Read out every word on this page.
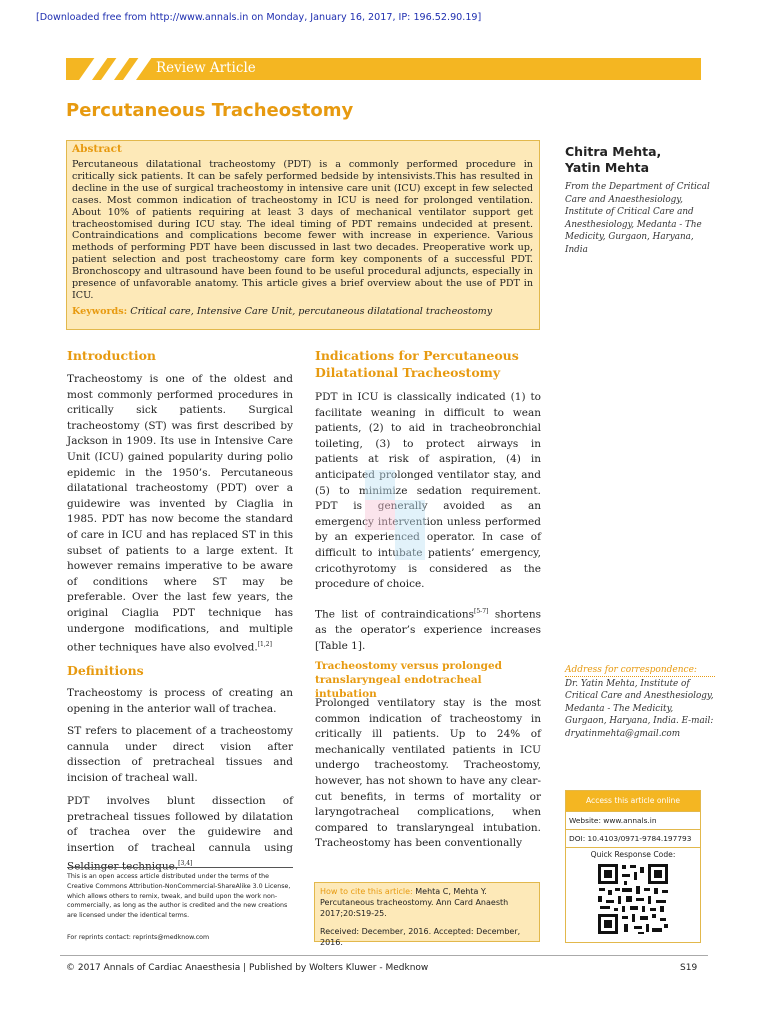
[Downloaded free from http://www.annals.in on Monday, January 16, 2017, IP: 196.52.90.19]
Review Article
Percutaneous Tracheostomy
Abstract
Percutaneous dilatational tracheostomy (PDT) is a commonly performed procedure in critically sick patients. It can be safely performed bedside by intensivists.This has resulted in decline in the use of surgical tracheostomy in intensive care unit (ICU) except in few selected cases. Most common indication of tracheostomy in ICU is need for prolonged ventilation. About 10% of patients requiring at least 3 days of mechanical ventilator support get tracheostomised during ICU stay. The ideal timing of PDT remains undecided at present. Contraindications and complications become fewer with increase in experience. Various methods of performing PDT have been discussed in last two decades. Preoperative work up, patient selection and post tracheostomy care form key components of a successful PDT. Bronchoscopy and ultrasound have been found to be useful procedural adjuncts, especially in presence of unfavorable anatomy. This article gives a brief overview about the use of PDT in ICU.
Keywords: Critical care, Intensive Care Unit, percutaneous dilatational tracheostomy
Chitra Mehta,
Yatin Mehta
From the Department of Critical Care and Anaesthesiology, Institute of Critical Care and Anesthesiology, Medanta - The Medicity, Gurgaon, Haryana, India
Introduction
Tracheostomy is one of the oldest and most commonly performed procedures in critically sick patients. Surgical tracheostomy (ST) was first described by Jackson in 1909. Its use in Intensive Care Unit (ICU) gained popularity during polio epidemic in the 1950’s. Percutaneous dilatational tracheostomy (PDT) over a guidewire was invented by Ciaglia in 1985. PDT has now become the standard of care in ICU and has replaced ST in this subset of patients to a large extent. It however remains imperative to be aware of conditions where ST may be preferable. Over the last few years, the original Ciaglia PDT technique has undergone modifications, and multiple other techniques have also evolved.[1,2]
Definitions
Tracheostomy is process of creating an opening in the anterior wall of trachea.
ST refers to placement of a tracheostomy cannula under direct vision after dissection of pretracheal tissues and incision of tracheal wall.
PDT involves blunt dissection of pretracheal tissues followed by dilatation of trachea over the guidewire and insertion of tracheal cannula using Seldinger technique.[3,4]
This is an open access article distributed under the terms of the Creative Commons Attribution-NonCommercial-ShareAlike 3.0 License, which allows others to remix, tweak, and build upon the work non-commercially, as long as the author is credited and the new creations are licensed under the identical terms.
For reprints contact: reprints@medknow.com
Indications for Percutaneous
Dilatational Tracheostomy
PDT in ICU is classically indicated (1) to facilitate weaning in difficult to wean patients, (2) to aid in tracheobronchial toileting, (3) to protect airways in patients at risk of aspiration, (4) in anticipated prolonged ventilator stay, and (5) to minimize sedation requirement. PDT is generally avoided as an emergency intervention unless performed by an experienced operator. In case of difficult to intubate patients’ emergency, cricothyrotomy is considered as the procedure of choice.
The list of contraindications[5-7] shortens as the operator’s experience increases [Table 1].
Tracheostomy versus prolonged
translaryngeal endotracheal intubation
Prolonged ventilatory stay is the most common indication of tracheostomy in critically ill patients. Up to 24% of mechanically ventilated patients in ICU undergo tracheostomy. Tracheostomy, however, has not shown to have any clear-cut benefits, in terms of mortality or laryngotracheal complications, when compared to translaryngeal intubation. Tracheostomy has been conventionally
How to cite this article: Mehta C, Mehta Y. Percutaneous tracheostomy. Ann Card Anaesth 2017;20:S19-25.
Received: December, 2016. Accepted: December, 2016.
Address for correspondence:
Dr. Yatin Mehta, Institute of Critical Care and Anesthesiology, Medanta - The Medicity, Gurgaon, Haryana, India. E-mail: dryatinmehta@gmail.com
Access this article online
Website: www.annals.in
DOI: 10.4103/0971-9784.197793
Quick Response Code:
© 2017 Annals of Cardiac Anaesthesia | Published by Wolters Kluwer - Medknow	S19
